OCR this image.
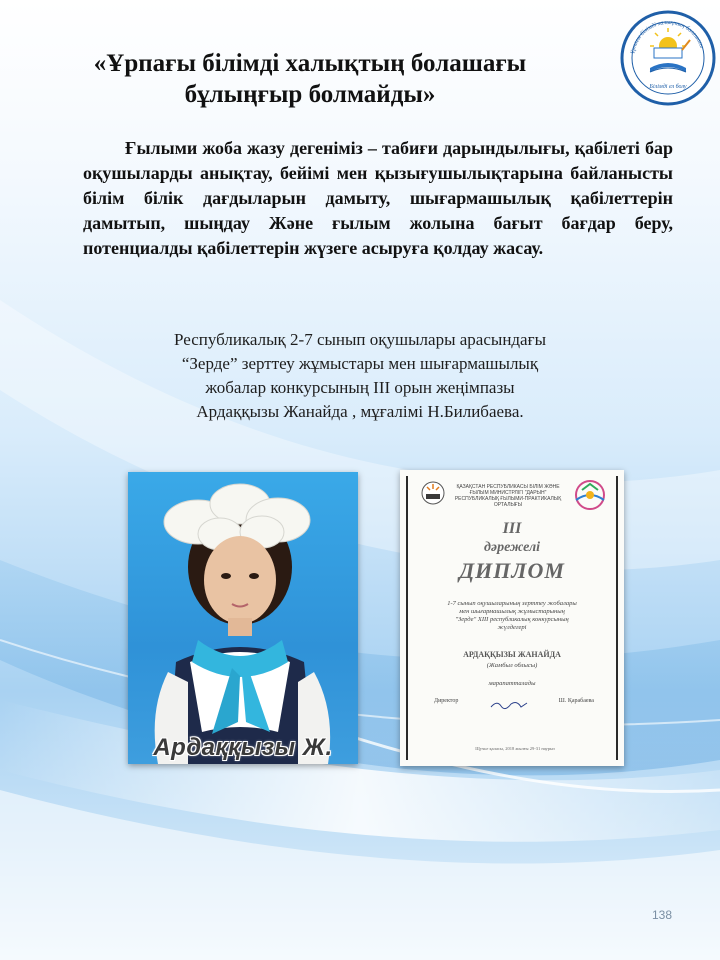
Ұрпағы білімді халықтың болашағы
Білімді ел болу
«Ұрпағы білімді халықтың болашағы
бұлыңғыр болмайды»
Ғылыми жоба жазу дегеніміз – табиғи дарындылығы, қабілеті бар оқушыларды анықтау, бейімі мен қызығушылықтарына байланысты білім білік дағдыларын дамыту, шығармашылық қабілеттерін дамытып, шыңдау Және ғылым жолына бағыт бағдар беру, потенциалды қабілеттерін жүзеге асыруға қолдау жасау.
Республикалық 2-7 сынып оқушылары арасындағы
“Зерде” зерттеу жұмыстары мен шығармашылық
жобалар конкурсының ІІІ орын жеңімпазы
Ардаққызы Жанайда , мұғалімі Н.Билибаева.
Ардаққызы Ж.
ҚАЗАҚСТАН РЕСПУБЛИКАСЫ БІЛІМ ЖӘНЕ ҒЫЛЫМ МИНИСТРЛІГІ "ДАРЫН" РЕСПУБЛИКАЛЫҚ ҒЫЛЫМИ-ПРАКТИКАЛЫҚ ОРТАЛЫҒЫ
III
дәрежелі
ДИПЛОМ
1-7 сынып оқушыларының зерттеу жобалары
мен шығармашылық жұмыстарының
"Зерде" ХІІІ республикалық конкурсының
жүлдегері
АРДАҚҚЫЗЫ ЖАНАЙДА
(Жамбыл облысы)
марапатталады
Директор	Ш. Қарабаева
Щучье қаласы, 2018 жылғы 29-31 наурыз
138
